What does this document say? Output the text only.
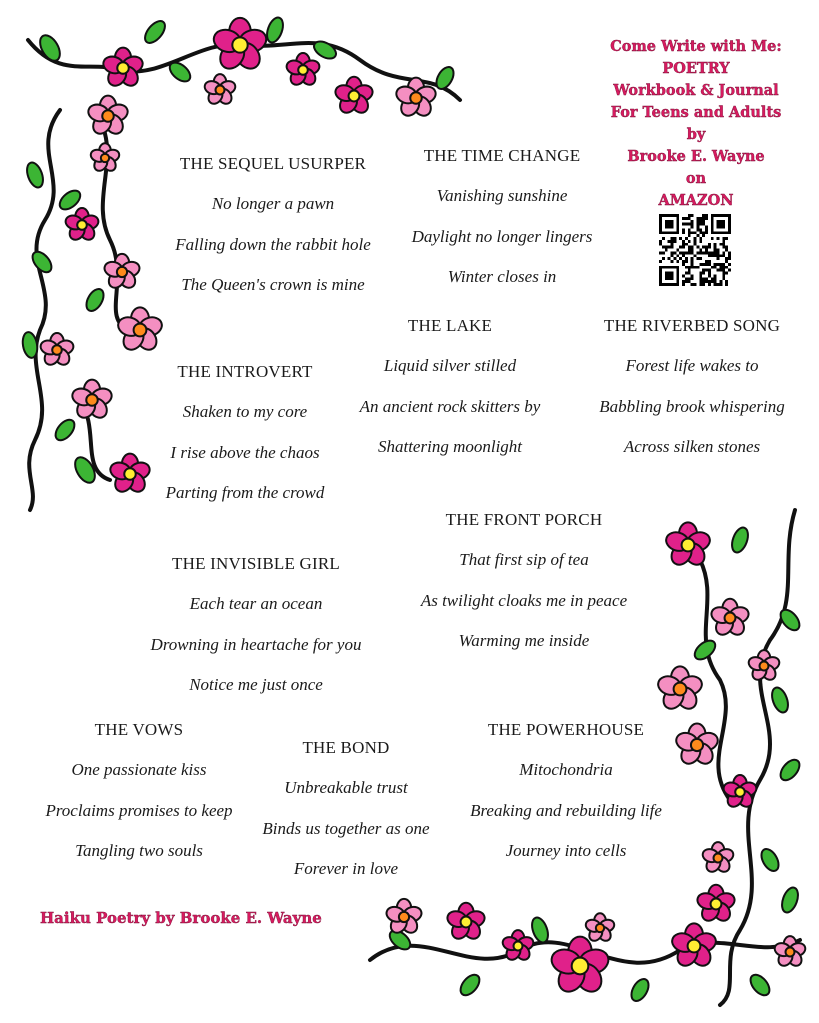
Come Write with Me:
POETRY
Workbook & Journal
For Teens and Adults
by
Brooke E. Wayne
on
AMAZON
THE SEQUEL USURPER
No longer a pawn
Falling down the rabbit hole
The Queen's crown is mine
THE TIME CHANGE
Vanishing sunshine
Daylight no longer lingers
Winter closes in
THE LAKE
Liquid silver stilled
An ancient rock skitters by
Shattering moonlight
THE RIVERBED SONG
Forest life wakes to
Babbling brook whispering
Across silken stones
THE INTROVERT
Shaken to my core
I rise above the chaos
Parting from the crowd
THE FRONT PORCH
That first sip of tea
As twilight cloaks me in peace
Warming me inside
THE INVISIBLE GIRL
Each tear an ocean
Drowning in heartache for you
Notice me just once
THE VOWS
One passionate kiss
Proclaims promises to keep
Tangling two souls
THE BOND
Unbreakable trust
Binds us together as one
Forever in love
THE POWERHOUSE
Mitochondria
Breaking and rebuilding life
Journey into cells
Haiku Poetry by Brooke E. Wayne
